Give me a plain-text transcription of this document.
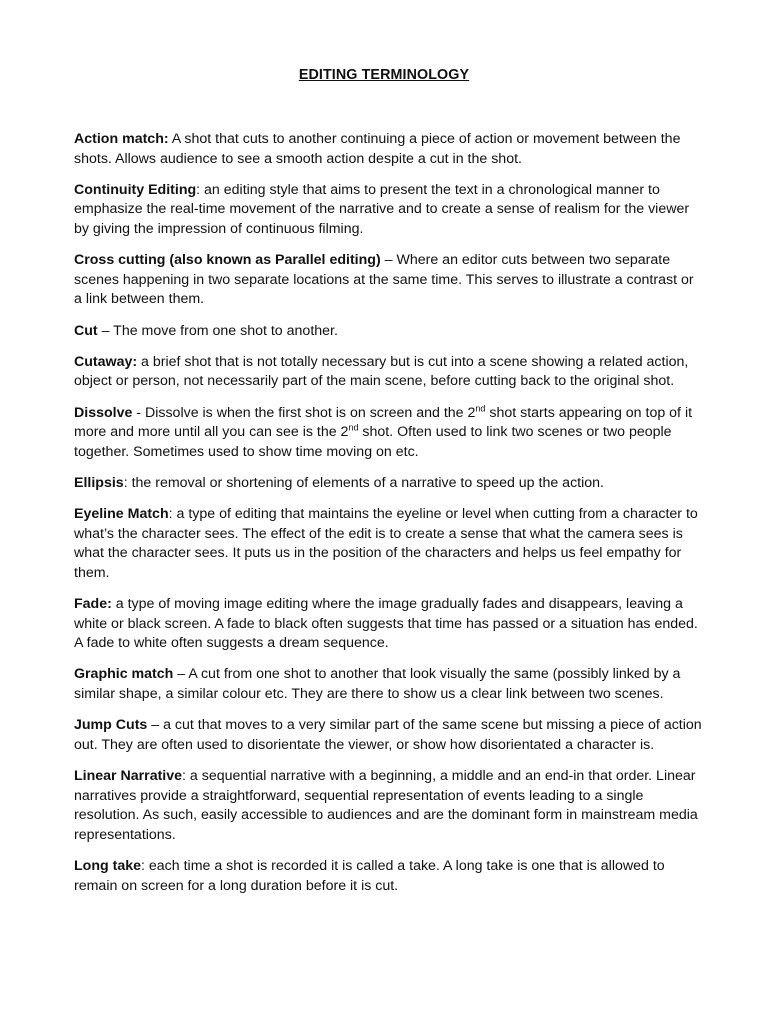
EDITING TERMINOLOGY

Action match: A shot that cuts to another continuing a piece of action or movement between the shots. Allows audience to see a smooth action despite a cut in the shot.

Continuity Editing: an editing style that aims to present the text in a chronological manner to emphasize the real-time movement of the narrative and to create a sense of realism for the viewer by giving the impression of continuous filming.

Cross cutting (also known as Parallel editing) – Where an editor cuts between two separate scenes happening in two separate locations at the same time. This serves to illustrate a contrast or a link between them.

Cut – The move from one shot to another.

Cutaway: a brief shot that is not totally necessary but is cut into a scene showing a related action, object or person, not necessarily part of the main scene, before cutting back to the original shot.

Dissolve - Dissolve is when the first shot is on screen and the 2nd shot starts appearing on top of it more and more until all you can see is the 2nd shot. Often used to link two scenes or two people together. Sometimes used to show time moving on etc.

Ellipsis: the removal or shortening of elements of a narrative to speed up the action.

Eyeline Match: a type of editing that maintains the eyeline or level when cutting from a character to what’s the character sees. The effect of the edit is to create a sense that what the camera sees is what the character sees. It puts us in the position of the characters and helps us feel empathy for them.

Fade: a type of moving image editing where the image gradually fades and disappears, leaving a white or black screen. A fade to black often suggests that time has passed or a situation has ended. A fade to white often suggests a dream sequence.

Graphic match – A cut from one shot to another that look visually the same (possibly linked by a similar shape, a similar colour etc. They are there to show us a clear link between two scenes.

Jump Cuts – a cut that moves to a very similar part of the same scene but missing a piece of action out. They are often used to disorientate the viewer, or show how disorientated a character is.

Linear Narrative: a sequential narrative with a beginning, a middle and an end-in that order. Linear narratives provide a straightforward, sequential representation of events leading to a single resolution. As such, easily accessible to audiences and are the dominant form in mainstream media representations.

Long take: each time a shot is recorded it is called a take. A long take is one that is allowed to remain on screen for a long duration before it is cut.
